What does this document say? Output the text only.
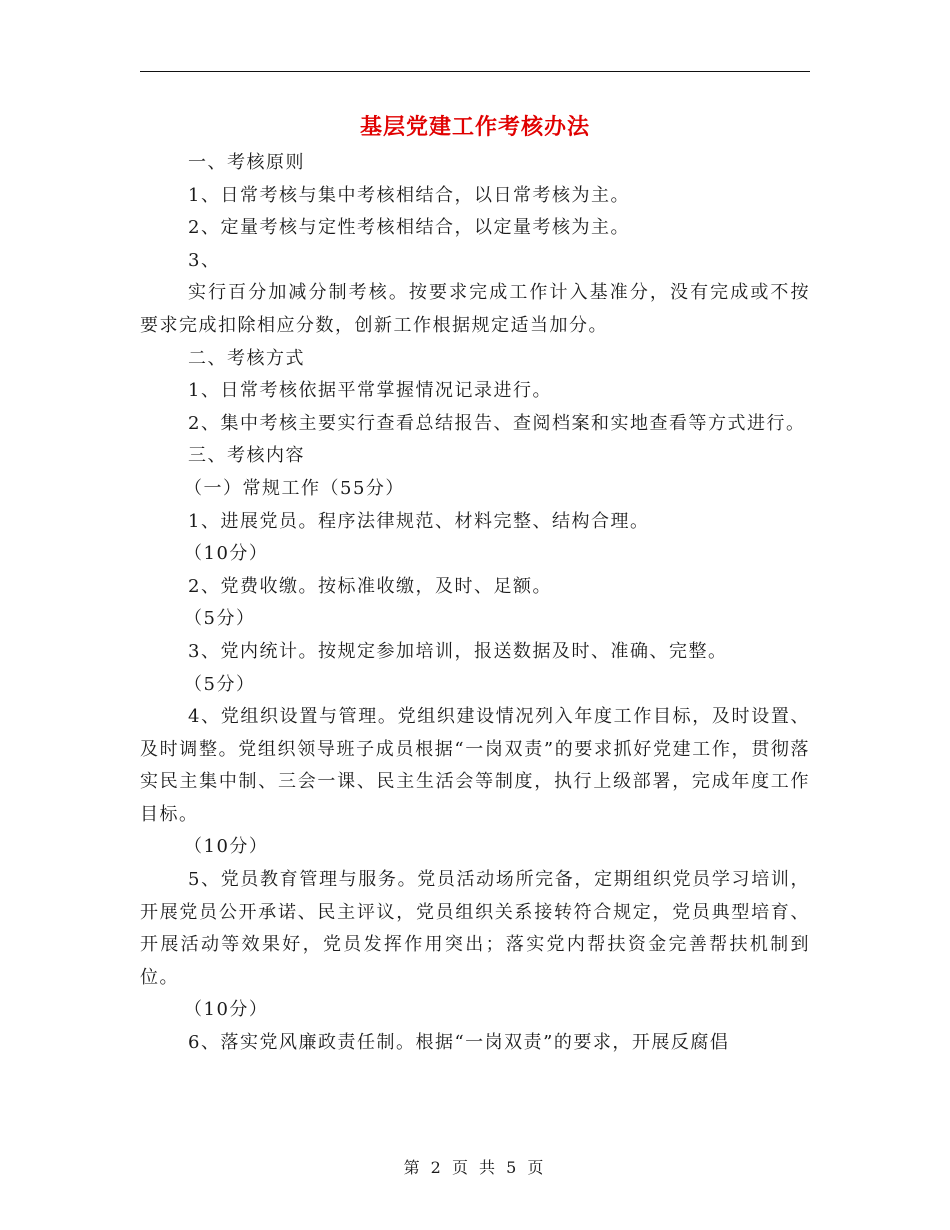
基层党建工作考核办法

一、考核原则

1、日常考核与集中考核相结合，以日常考核为主。

2、定量考核与定性考核相结合，以定量考核为主。

3、

实行百分加减分制考核。按要求完成工作计入基准分，没有完成或不按要求完成扣除相应分数，创新工作根据规定适当加分。

二、考核方式

1、日常考核依据平常掌握情况记录进行。

2、集中考核主要实行查看总结报告、查阅档案和实地查看等方式进行。

三、考核内容

（一）常规工作（55分）

1、进展党员。程序法律规范、材料完整、结构合理。

（10分）

2、党费收缴。按标准收缴，及时、足额。

（5分）

3、党内统计。按规定参加培训，报送数据及时、准确、完整。

（5分）

4、党组织设置与管理。党组织建设情况列入年度工作目标，及时设置、及时调整。党组织领导班子成员根据“一岗双责”的要求抓好党建工作，贯彻落实民主集中制、三会一课、民主生活会等制度，执行上级部署，完成年度工作目标。

（10分）

5、党员教育管理与服务。党员活动场所完备，定期组织党员学习培训，开展党员公开承诺、民主评议，党员组织关系接转符合规定，党员典型培育、开展活动等效果好，党员发挥作用突出；落实党内帮扶资金完善帮扶机制到位。

（10分）

6、落实党风廉政责任制。根据“一岗双责”的要求，开展反腐倡

第 2 页 共 5 页
